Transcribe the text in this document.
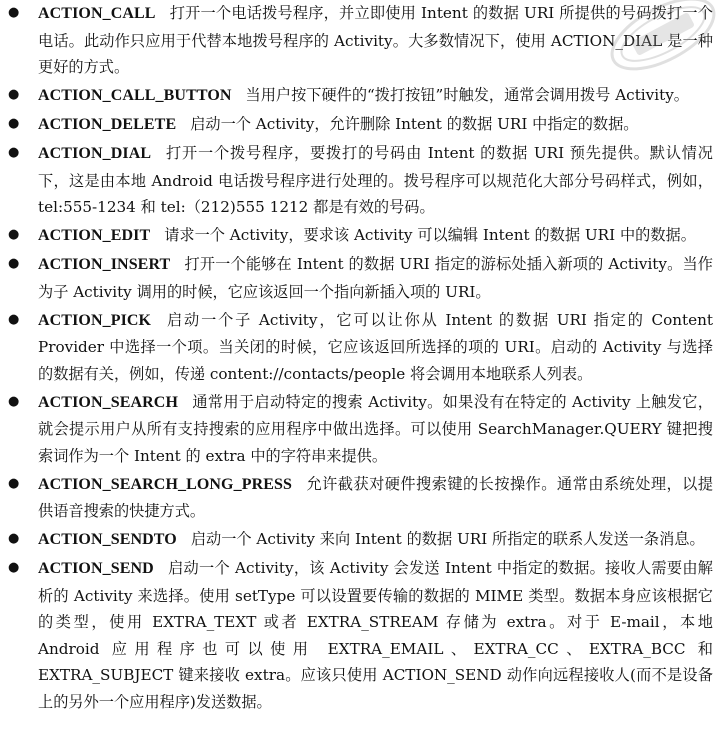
●	ACTION_CALL 打开一个电话拨号程序，并立即使用 Intent 的数据 URI 所提供的号码拨打一个电话。此动作只应用于代替本地拨号程序的 Activity。大多数情况下，使用 ACTION_DIAL 是一种更好的方式。
●	ACTION_CALL_BUTTON 当用户按下硬件的“拨打按钮”时触发，通常会调用拨号 Activity。
●	ACTION_DELETE 启动一个 Activity，允许删除 Intent 的数据 URI 中指定的数据。
●	ACTION_DIAL 打开一个拨号程序，要拨打的号码由 Intent 的数据 URI 预先提供。默认情况下，这是由本地 Android 电话拨号程序进行处理的。拨号程序可以规范化大部分号码样式，例如，tel:555-1234 和 tel:（212)555 1212 都是有效的号码。
●	ACTION_EDIT 请求一个 Activity，要求该 Activity 可以编辑 Intent 的数据 URI 中的数据。
●	ACTION_INSERT 打开一个能够在 Intent 的数据 URI 指定的游标处插入新项的 Activity。当作为子 Activity 调用的时候，它应该返回一个指向新插入项的 URI。
●	ACTION_PICK 启动一个子 Activity，它可以让你从 Intent 的数据 URI 指定的 Content Provider 中选择一个项。当关闭的时候，它应该返回所选择的项的 URI。启动的 Activity 与选择的数据有关，例如，传递 content://contacts/people 将会调用本地联系人列表。
●	ACTION_SEARCH 通常用于启动特定的搜索 Activity。如果没有在特定的 Activity 上触发它，就会提示用户从所有支持搜索的应用程序中做出选择。可以使用 SearchManager.QUERY 键把搜索词作为一个 Intent 的 extra 中的字符串来提供。
●	ACTION_SEARCH_LONG_PRESS 允许截获对硬件搜索键的长按操作。通常由系统处理，以提供语音搜索的快捷方式。
●	ACTION_SENDTO 启动一个 Activity 来向 Intent 的数据 URI 所指定的联系人发送一条消息。
●	ACTION_SEND 启动一个 Activity，该 Activity 会发送 Intent 中指定的数据。接收人需要由解析的 Activity 来选择。使用 setType 可以设置要传输的数据的 MIME 类型。数据本身应该根据它的类型，使用 EXTRA_TEXT 或者 EXTRA_STREAM 存储为 extra。对于 E-mail，本地 Android 应用程序也可以使用 EXTRA_EMAIL、EXTRA_CC、EXTRA_BCC 和 EXTRA_SUBJECT 键来接收 extra。应该只使用 ACTION_SEND 动作向远程接收人(而不是设备上的另外一个应用程序)发送数据。
